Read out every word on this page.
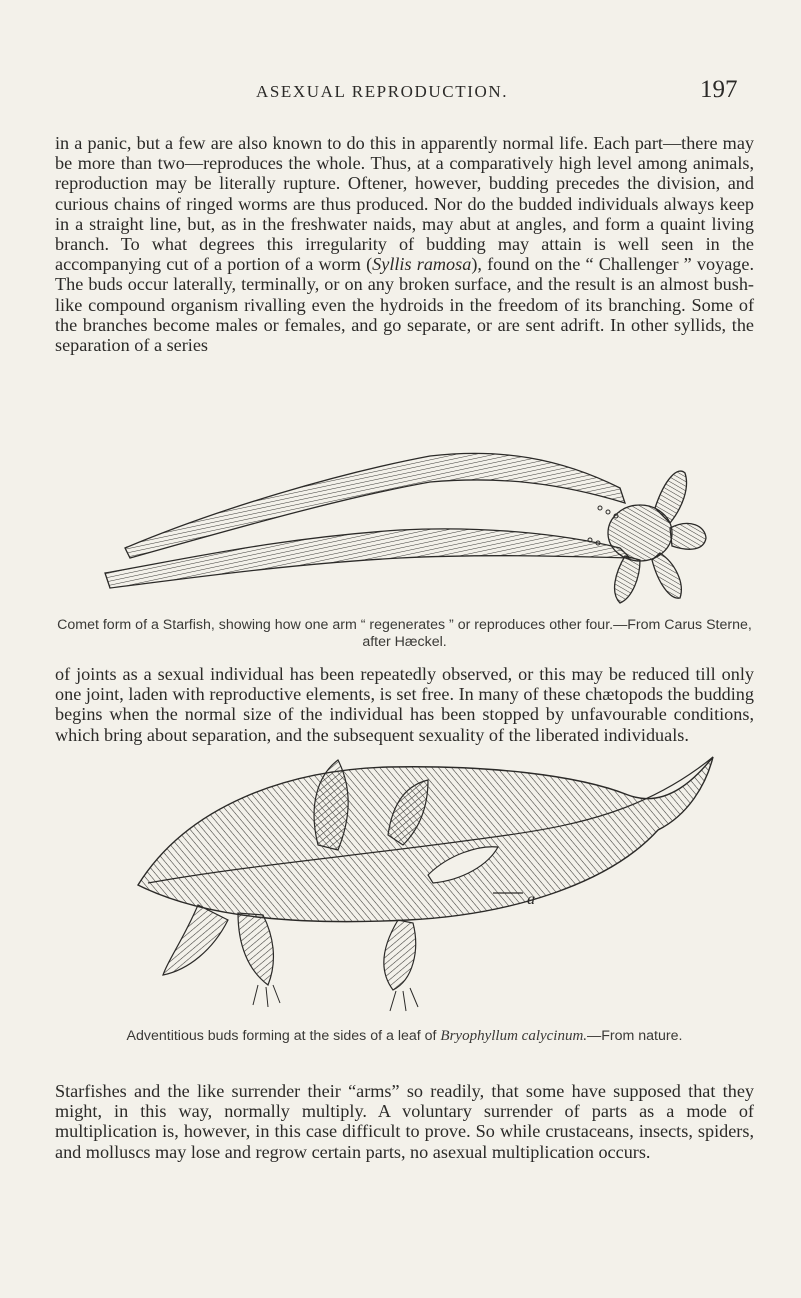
ASEXUAL REPRODUCTION.	197

in a panic, but a few are also known to do this in apparently normal life. Each part—there may be more than two—reproduces the whole. Thus, at a comparatively high level among animals, reproduction may be literally rupture. Oftener, however, budding precedes the division, and curious chains of ringed worms are thus produced. Nor do the budded individuals always keep in a straight line, but, as in the freshwater naids, may abut at angles, and form a quaint living branch. To what degrees this irregularity of budding may attain is well seen in the accompanying cut of a portion of a worm (Syllis ramosa), found on the “ Challenger ” voyage. The buds occur laterally, terminally, or on any broken surface, and the result is an almost bush-like compound organism rivalling even the hydroids in the freedom of its branching. Some of the branches become males or females, and go separate, or are sent adrift. In other syllids, the separation of a series

Comet form of a Starfish, showing how one arm “ regenerates ” or reproduces other four.—From Carus Sterne, after Hæckel.

of joints as a sexual individual has been repeatedly observed, or this may be reduced till only one joint, laden with reproductive elements, is set free. In many of these chætopods the budding begins when the normal size of the individual has been stopped by unfavourable conditions, which bring about separation, and the subsequent sexuality of the liberated individuals.

a

Adventitious buds forming at the sides of a leaf of Bryophyllum calycinum.—From nature.

Starfishes and the like surrender their “arms” so readily, that some have supposed that they might, in this way, normally multiply. A voluntary surrender of parts as a mode of multiplication is, however, in this case difficult to prove. So while crustaceans, insects, spiders, and molluscs may lose and regrow certain parts, no asexual multiplication occurs.
